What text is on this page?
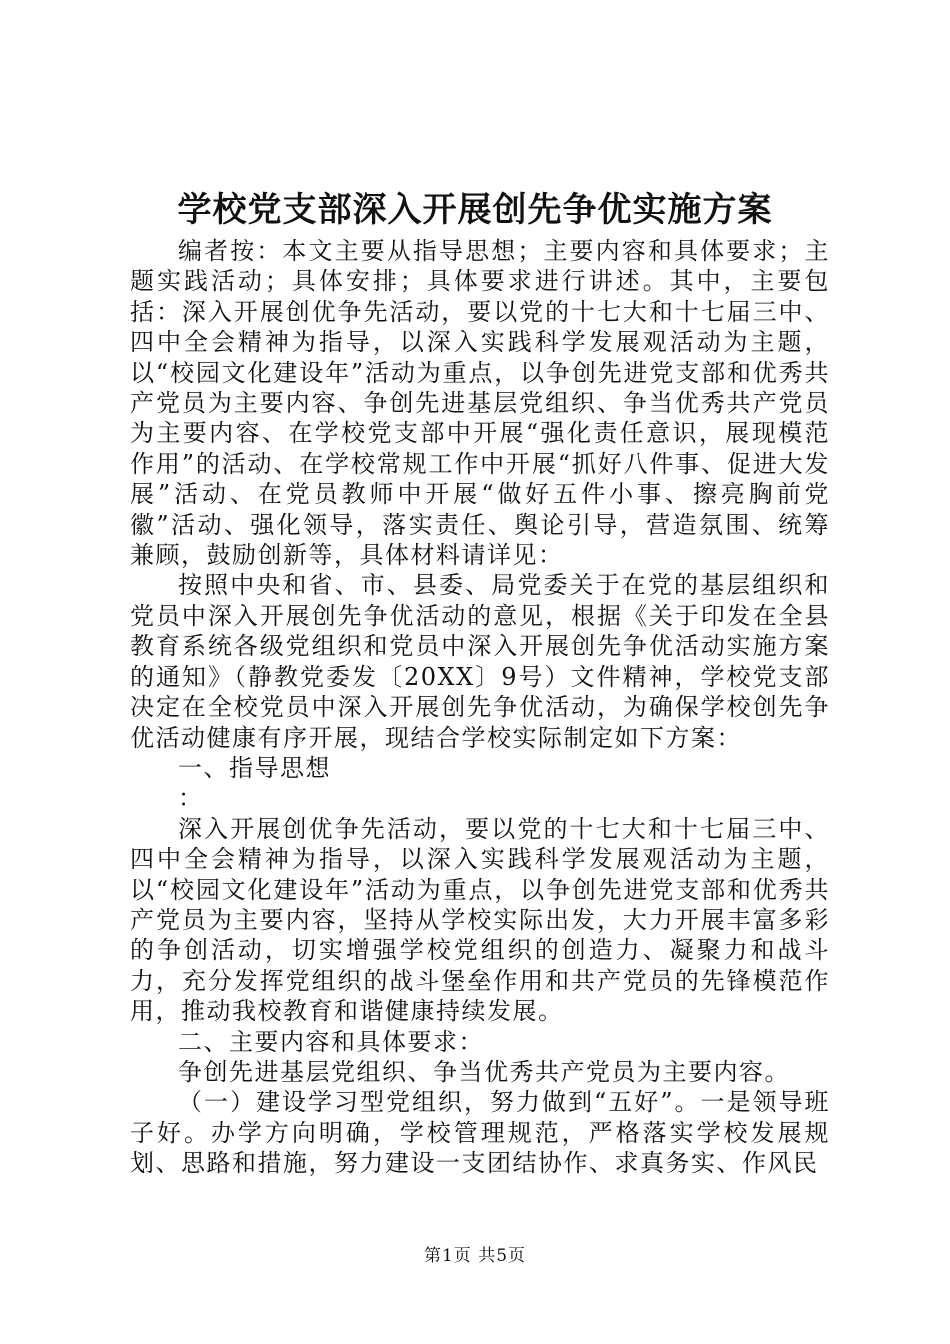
学校党支部深入开展创先争优实施方案

编者按：本文主要从指导思想；主要内容和具体要求；主题实践活动；具体安排；具体要求进行讲述。其中，主要包括：深入开展创优争先活动，要以党的十七大和十七届三中、四中全会精神为指导，以深入实践科学发展观活动为主题，以“校园文化建设年”活动为重点，以争创先进党支部和优秀共产党员为主要内容、争创先进基层党组织、争当优秀共产党员为主要内容、在学校党支部中开展“强化责任意识，展现模范作用”的活动、在学校常规工作中开展“抓好八件事、促进大发展”活动、在党员教师中开展“做好五件小事、擦亮胸前党徽”活动、强化领导，落实责任、舆论引导，营造氛围、统筹兼顾，鼓励创新等，具体材料请详见：

按照中央和省、市、县委、局党委关于在党的基层组织和党员中深入开展创先争优活动的意见，根据《关于印发在全县教育系统各级党组织和党员中深入开展创先争优活动实施方案的通知》（静教党委发〔20XX〕9号）文件精神，学校党支部决定在全校党员中深入开展创先争优活动，为确保学校创先争优活动健康有序开展，现结合学校实际制定如下方案：

一、指导思想

：

深入开展创优争先活动，要以党的十七大和十七届三中、四中全会精神为指导，以深入实践科学发展观活动为主题，以“校园文化建设年”活动为重点，以争创先进党支部和优秀共产党员为主要内容，坚持从学校实际出发，大力开展丰富多彩的争创活动，切实增强学校党组织的创造力、凝聚力和战斗力，充分发挥党组织的战斗堡垒作用和共产党员的先锋模范作用，推动我校教育和谐健康持续发展。

二、主要内容和具体要求：

争创先进基层党组织、争当优秀共产党员为主要内容。

（一）建设学习型党组织，努力做到“五好”。一是领导班子好。办学方向明确，学校管理规范，严格落实学校发展规划、思路和措施，努力建设一支团结协作、求真务实、作风民

第1页 共5页
